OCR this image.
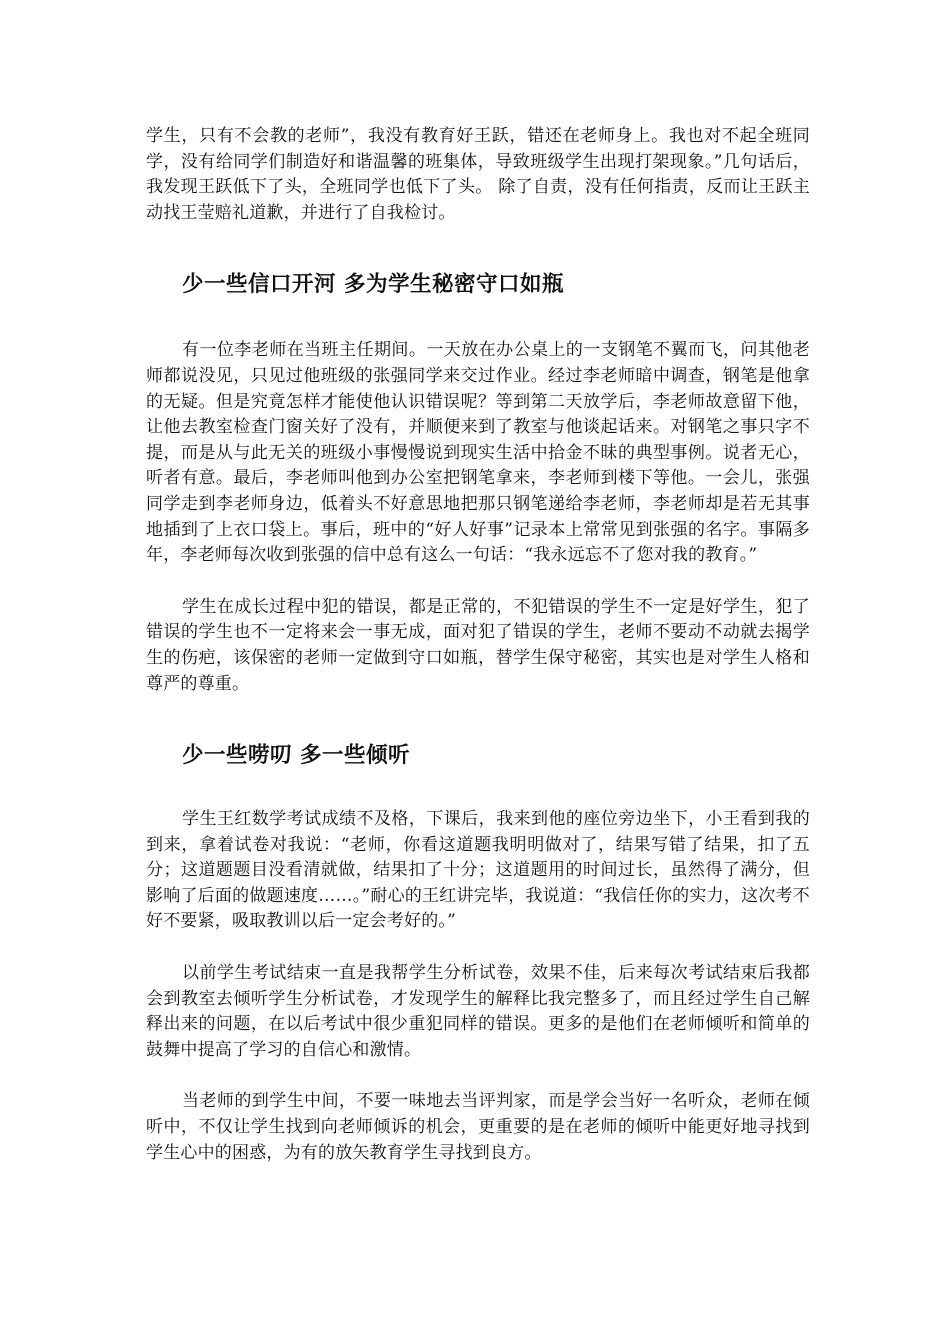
学生，只有不会教的老师”，我没有教育好王跃，错还在老师身上。我也对不起全班同学，没有给同学们制造好和谐温馨的班集体，导致班级学生出现打架现象。”几句话后，我发现王跃低下了头，全班同学也低下了头。 除了自责，没有任何指责，反而让王跃主动找王莹赔礼道歉，并进行了自我检讨。

少一些信口开河 多为学生秘密守口如瓶

有一位李老师在当班主任期间。一天放在办公桌上的一支钢笔不翼而飞，问其他老师都说没见，只见过他班级的张强同学来交过作业。经过李老师暗中调查，钢笔是他拿的无疑。但是究竟怎样才能使他认识错误呢？等到第二天放学后，李老师故意留下他，让他去教室检查门窗关好了没有，并顺便来到了教室与他谈起话来。对钢笔之事只字不提，而是从与此无关的班级小事慢慢说到现实生活中拾金不昧的典型事例。说者无心，听者有意。最后，李老师叫他到办公室把钢笔拿来，李老师到楼下等他。一会儿，张强同学走到李老师身边，低着头不好意思地把那只钢笔递给李老师，李老师却是若无其事地插到了上衣口袋上。事后，班中的“好人好事”记录本上常常见到张强的名字。事隔多年，李老师每次收到张强的信中总有这么一句话：“我永远忘不了您对我的教育。”

学生在成长过程中犯的错误，都是正常的，不犯错误的学生不一定是好学生，犯了错误的学生也不一定将来会一事无成，面对犯了错误的学生，老师不要动不动就去揭学生的伤疤，该保密的老师一定做到守口如瓶，替学生保守秘密，其实也是对学生人格和尊严的尊重。

少一些唠叨 多一些倾听

学生王红数学考试成绩不及格，下课后，我来到他的座位旁边坐下，小王看到我的到来，拿着试卷对我说：“老师，你看这道题我明明做对了，结果写错了结果，扣了五分；这道题题目没看清就做，结果扣了十分；这道题用的时间过长，虽然得了满分，但影响了后面的做题速度……。”耐心的王红讲完毕，我说道：“我信任你的实力，这次考不好不要紧，吸取教训以后一定会考好的。”

以前学生考试结束一直是我帮学生分析试卷，效果不佳，后来每次考试结束后我都会到教室去倾听学生分析试卷，才发现学生的解释比我完整多了，而且经过学生自己解释出来的问题，在以后考试中很少重犯同样的错误。更多的是他们在老师倾听和简单的鼓舞中提高了学习的自信心和激情。

当老师的到学生中间，不要一味地去当评判家，而是学会当好一名听众，老师在倾听中，不仅让学生找到向老师倾诉的机会，更重要的是在老师的倾听中能更好地寻找到学生心中的困惑，为有的放矢教育学生寻找到良方。
